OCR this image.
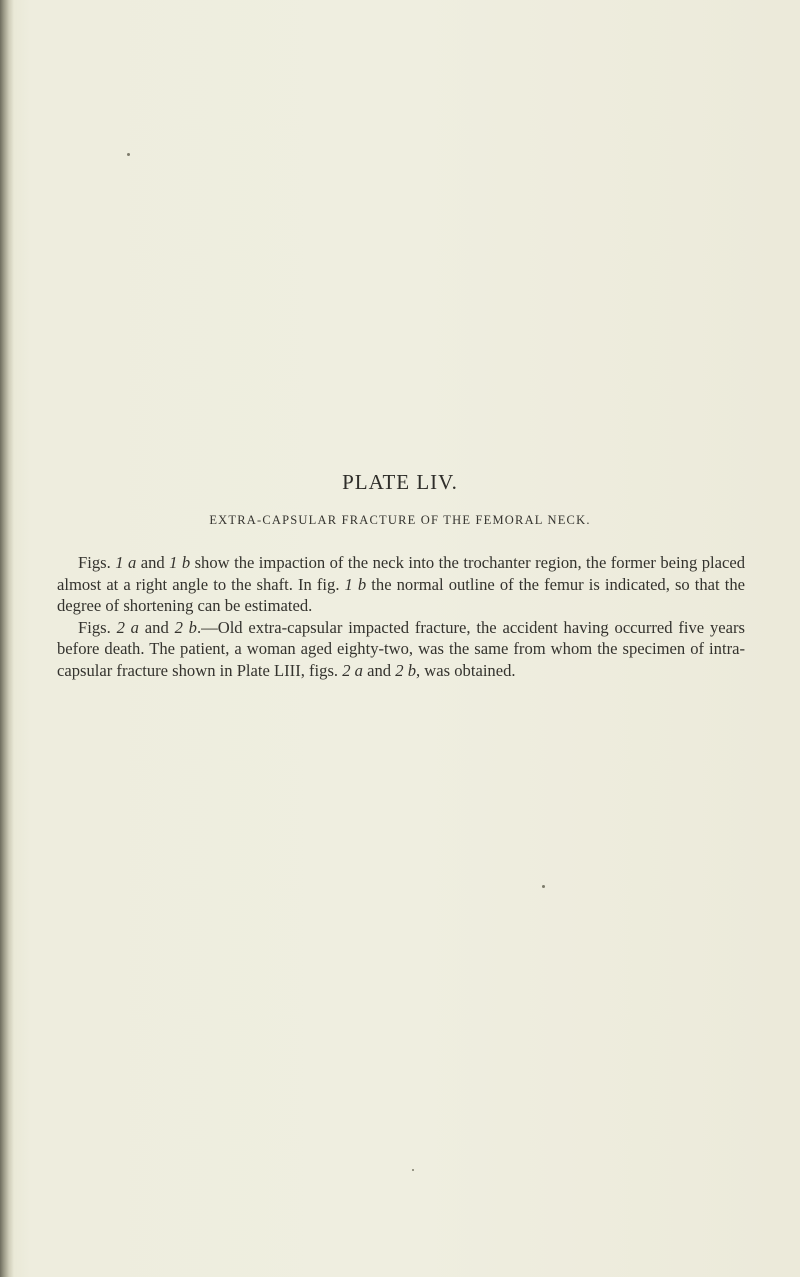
PLATE LIV.
EXTRA-CAPSULAR FRACTURE OF THE FEMORAL NECK.

Figs. 1 a and 1 b show the impaction of the neck into the trochanter region, the former being placed almost at a right angle to the shaft. In fig. 1 b the normal outline of the femur is indicated, so that the degree of shortening can be estimated.

Figs. 2 a and 2 b.—Old extra-capsular impacted fracture, the accident having occurred five years before death. The patient, a woman aged eighty-two, was the same from whom the specimen of intra-capsular fracture shown in Plate LIII, figs. 2 a and 2 b, was obtained.
